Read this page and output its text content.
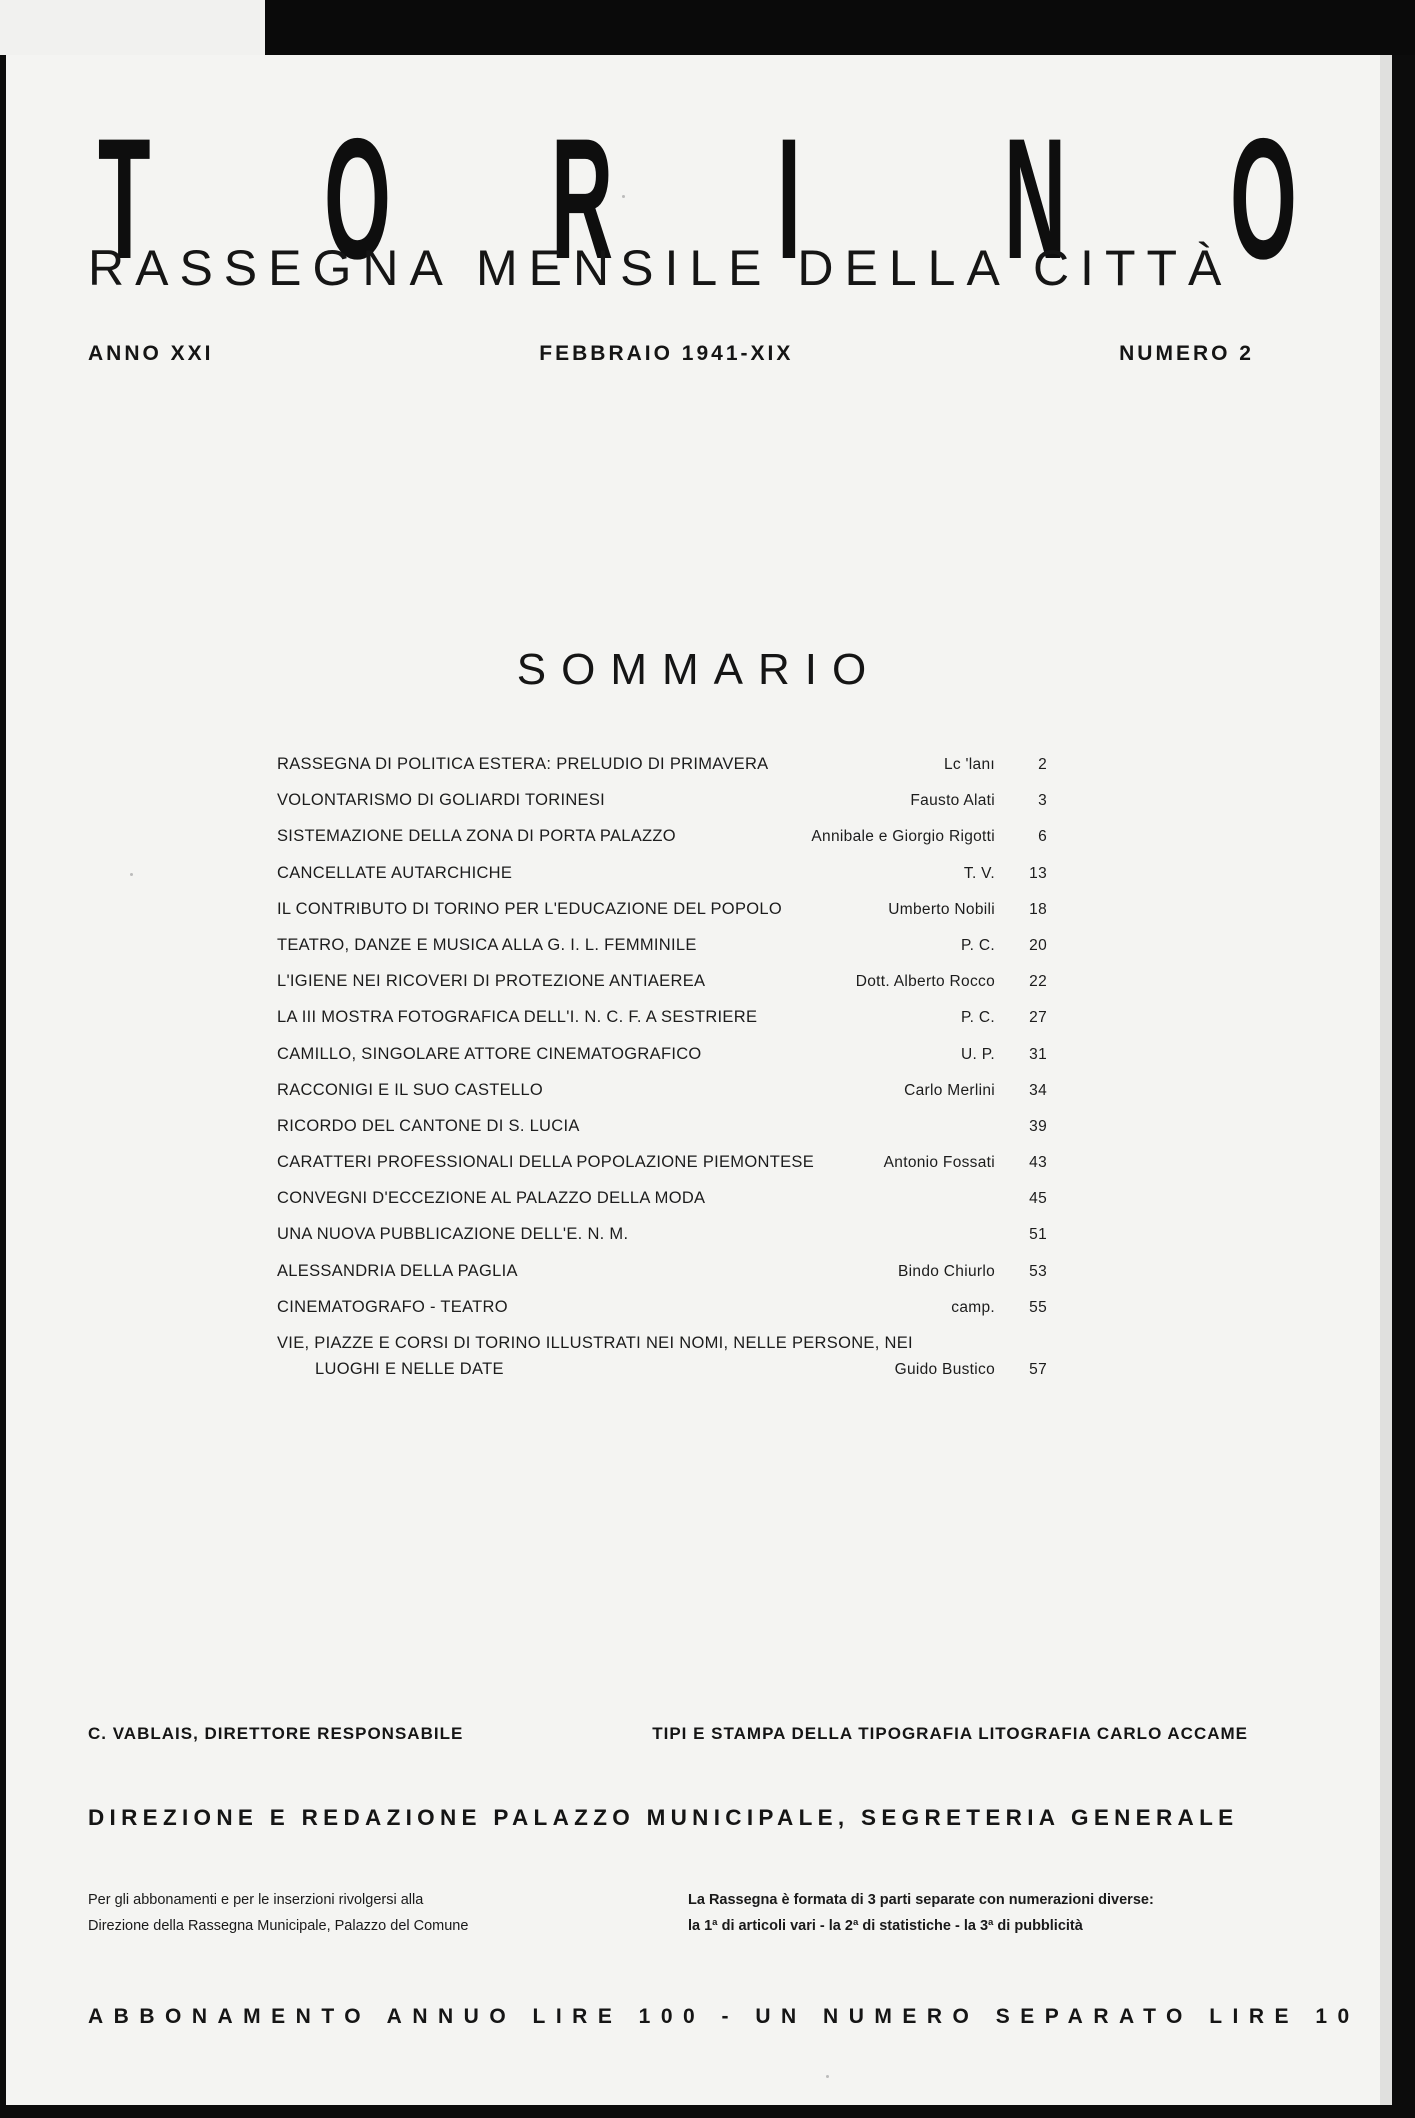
T O R I N O
RASSEGNA MENSILE DELLA CITTÀ
ANNO XXI	FEBBRAIO 1941-XIX	NUMERO 2
SOMMARIO
RASSEGNA DI POLITICA ESTERA: PRELUDIO DI PRIMAVERA	Lc 'lanı	2
VOLONTARISMO DI GOLIARDI TORINESI	Fausto Alati	3
SISTEMAZIONE DELLA ZONA DI PORTA PALAZZO	Annibale e Giorgio Rigotti	6
CANCELLATE AUTARCHICHE	T. V.	13
IL CONTRIBUTO DI TORINO PER L'EDUCAZIONE DEL POPOLO	Umberto Nobili	18
TEATRO, DANZE E MUSICA ALLA G. I. L. FEMMINILE	P. C.	20
L'IGIENE NEI RICOVERI DI PROTEZIONE ANTIAEREA	Dott. Alberto Rocco	22
LA III MOSTRA FOTOGRAFICA DELL'I. N. C. F. A SESTRIERE	P. C.	27
CAMILLO, SINGOLARE ATTORE CINEMATOGRAFICO	U. P.	31
RACCONIGI E IL SUO CASTELLO	Carlo Merlini	34
RICORDO DEL CANTONE DI S. LUCIA	39
CARATTERI PROFESSIONALI DELLA POPOLAZIONE PIEMONTESE	Antonio Fossati	43
CONVEGNI D'ECCEZIONE AL PALAZZO DELLA MODA	45
UNA NUOVA PUBBLICAZIONE DELL'E. N. M.	51
ALESSANDRIA DELLA PAGLIA	Bindo Chiurlo	53
CINEMATOGRAFO - TEATRO	camp.	55
VIE, PIAZZE E CORSI DI TORINO ILLUSTRATI NEI NOMI, NELLE PERSONE, NEI
LUOGHI E NELLE DATE	Guido Bustico	57
C. VABLAIS, DIRETTORE RESPONSABILE	TIPI E STAMPA DELLA TIPOGRAFIA LITOGRAFIA CARLO ACCAME
DIREZIONE E REDAZIONE PALAZZO MUNICIPALE, SEGRETERIA GENERALE
Per gli abbonamenti e per le inserzioni rivolgersi alla
Direzione della Rassegna Municipale, Palazzo del Comune
La Rassegna è formata di 3 parti separate con numerazioni diverse:
la 1ª di articoli vari - la 2ª di statistiche - la 3ª di pubblicità
ABBONAMENTO ANNUO LIRE 100 - UN NUMERO SEPARATO LIRE 10
